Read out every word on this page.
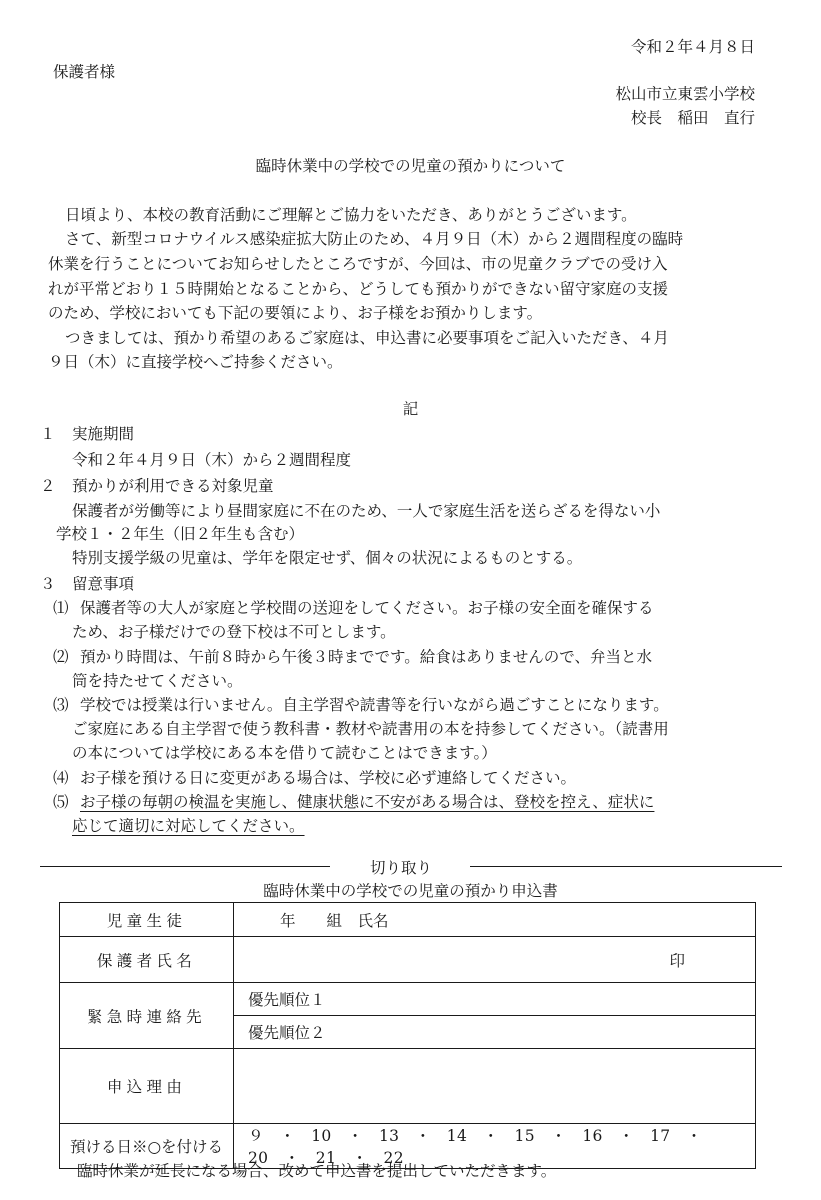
令和２年４月８日
保護者様
松山市立東雲小学校
校長　稲田　直行
臨時休業中の学校での児童の預かりについて
日頃より、本校の教育活動にご理解とご協力をいただき、ありがとうございます。
さて、新型コロナウイルス感染症拡大防止のため、４月９日（木）から２週間程度の臨時
休業を行うことについてお知らせしたところですが、今回は、市の児童クラブでの受け入
れが平常どおり１５時開始となることから、どうしても預かりができない留守家庭の支援
のため、学校においても下記の要領により、お子様をお預かりします。
つきましては、預かり希望のあるご家庭は、申込書に必要事項をご記入いただき、４月
９日（木）に直接学校へご持参ください。
記
１ 実施期間
令和２年４月９日（木）から２週間程度
２ 預かりが利用できる対象児童
保護者が労働等により昼間家庭に不在のため、一人で家庭生活を送らざるを得ない小
学校１・２年生（旧２年生も含む）
特別支援学級の児童は、学年を限定せず、個々の状況によるものとする。
３ 留意事項
⑴ 保護者等の大人が家庭と学校間の送迎をしてください。お子様の安全面を確保する
ため、お子様だけでの登下校は不可とします。
⑵ 預かり時間は、午前８時から午後３時までです。給食はありませんので、弁当と水
筒を持たせてください。
⑶ 学校では授業は行いません。自主学習や読書等を行いながら過ごすことになります。
ご家庭にある自主学習で使う教科書・教材や読書用の本を持参してください。（読書用
の本については学校にある本を借りて読むことはできます。）
⑷ お子様を預ける日に変更がある場合は、学校に必ず連絡してください。
⑸ お子様の毎朝の検温を実施し、健康状態に不安がある場合は、登校を控え、症状に
応じて適切に対応してください。
切り取り
臨時休業中の学校での児童の預かり申込書
児童生徒	年　　組　氏名
保護者氏名	印
緊急時連絡先	優先順位１
	優先順位２
申込理由	
預ける日※○を付ける	９　・　10　・　13　・　14　・　15　・　16　・　17　・　20　・　21　・　22
臨時休業が延長になる場合、改めて申込書を提出していただきます。
